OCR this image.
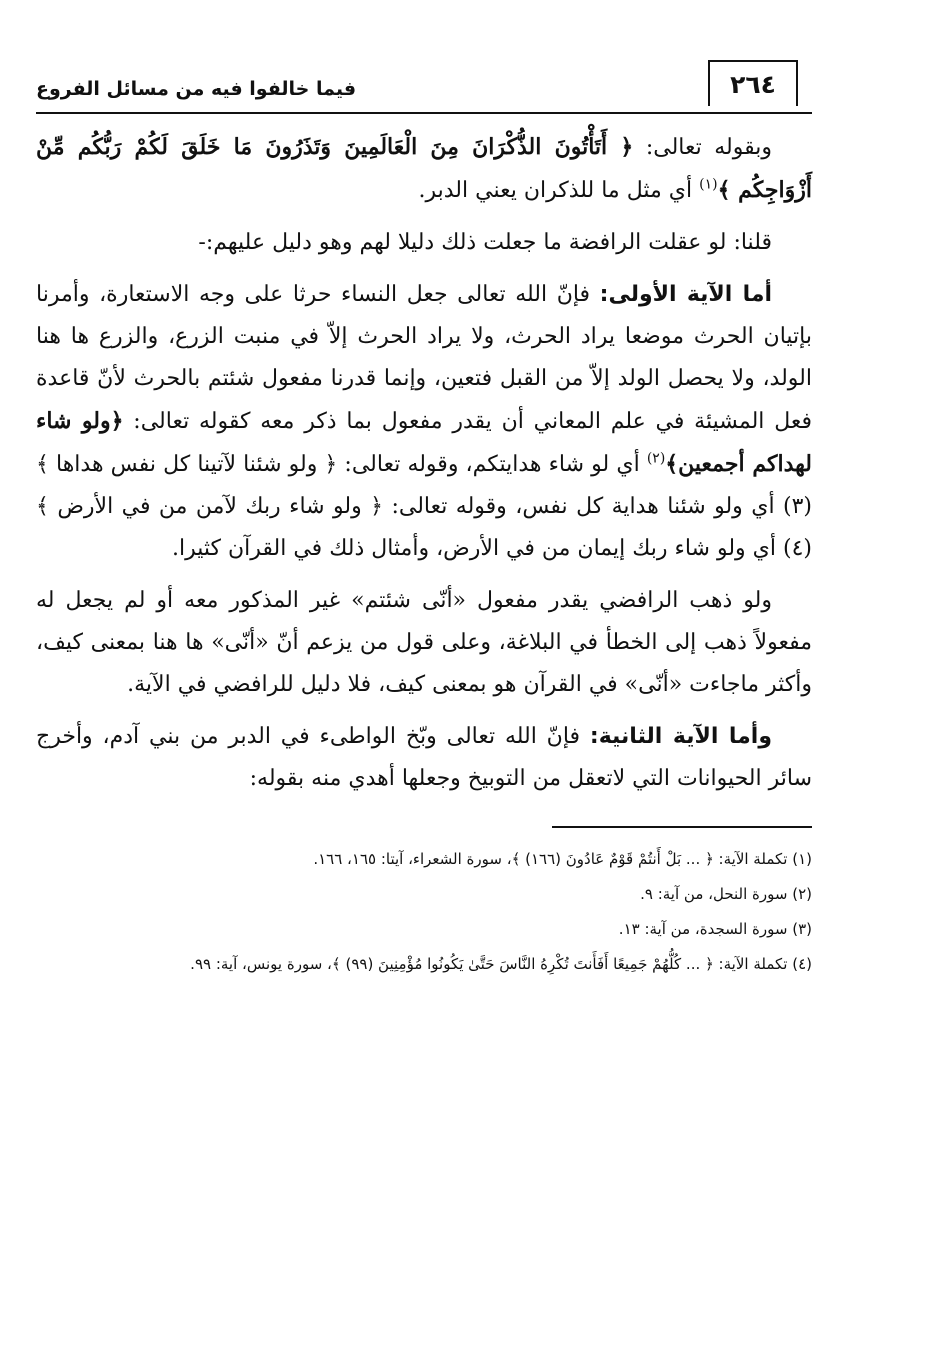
٢٦٤
فيما خالفوا فيه من مسائل الفروع

وبقوله تعالى: ﴿ أَتَأْتُونَ الذُّكْرَانَ مِنَ الْعَالَمِينَ وَتَذَرُونَ مَا خَلَقَ لَكُمْ رَبُّكُم مِّنْ أَزْوَاجِكُم ﴾$^{(١)}$ أي مثل ما للذكران يعني الدبر.

قلنا: لو عقلت الرافضة ما جعلت ذلك دليلا لهم وهو دليل عليهم:-

أما الآية الأولى: فإنّ الله تعالى جعل النساء حرثا على وجه الاستعارة، وأمرنا بإتيان الحرث موضعا يراد الحرث، ولا يراد الحرث إلاّ في منبت الزرع، والزرع ها هنا الولد، ولا يحصل الولد إلاّ من القبل فتعين، وإنما قدرنا مفعول شئتم بالحرث لأنّ قاعدة فعل المشيئة في علم المعاني أن يقدر مفعول بما ذكر معه كقوله تعالى: ﴿ولو شاء لهداكم أجمعين﴾$^{(٢)}$ أي لو شاء هدايتكم، وقوله تعالى: ﴿ ولو شئنا لآتينا كل نفس هداها ﴾(٣) أي ولو شئنا هداية كل نفس، وقوله تعالى: ﴿ ولو شاء ربك لآمن من في الأرض ﴾(٤) أي ولو شاء ربك إيمان من في الأرض، وأمثال ذلك في القرآن كثيرا.

ولو ذهب الرافضي يقدر مفعول «أنّى شئتم» غير المذكور معه أو لم يجعل له مفعولاً ذهب إلى الخطأ في البلاغة، وعلى قول من يزعم أنّ «أنّى» ها هنا بمعنى كيف، وأكثر ماجاءت «أنّى» في القرآن هو بمعنى كيف، فلا دليل للرافضي في الآية.

وأما الآية الثانية: فإنّ الله تعالى وبّخ الواطىء في الدبر من بني آدم، وأخرج سائر الحيوانات التي لاتعقل من التوبيخ وجعلها أهدي منه بقوله:

(١) تكملة الآية: ﴿ ... بَلْ أَنتُمْ قَوْمٌ عَادُونَ (١٦٦) ﴾، سورة الشعراء، آيتا: ١٦٥، ١٦٦.

(٢) سورة النحل، من آية: ٩.

(٣) سورة السجدة، من آية: ١٣.

(٤) تكملة الآية: ﴿ ... كُلُّهُمْ جَمِيعًا أَفَأَنتَ تُكْرِهُ النَّاسَ حَتَّىٰ يَكُونُوا مُؤْمِنِينَ (٩٩) ﴾، سورة يونس، آية: ٩٩.
